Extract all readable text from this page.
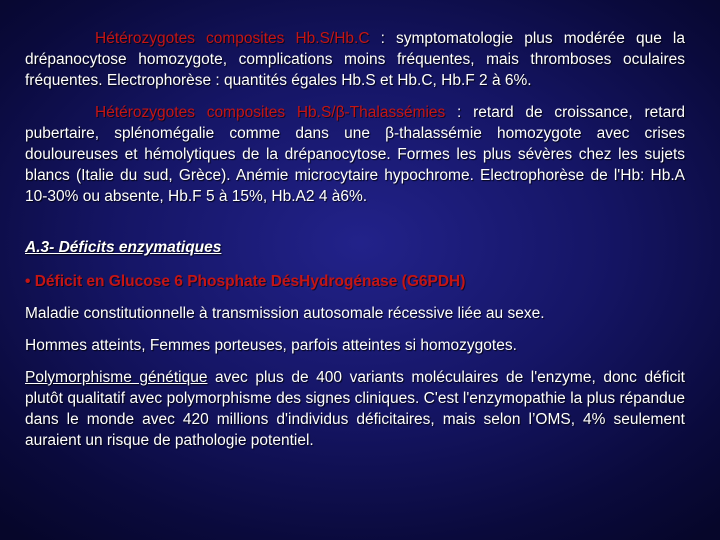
Hétérozygotes composites Hb.S/Hb.C : symptomatologie plus modérée que la drépanocytose homozygote, complications moins fréquentes, mais thromboses oculaires fréquentes. Electrophorèse : quantités égales Hb.S et Hb.C, Hb.F 2 à 6%.

Hétérozygotes composites Hb.S/β-Thalassémies : retard de croissance, retard pubertaire, splénomégalie comme dans une β-thalassémie homozygote avec crises douloureuses et hémolytiques de la drépanocytose. Formes les plus sévères chez les sujets blancs (Italie du sud, Grèce). Anémie microcytaire hypochrome. Electrophorèse de l'Hb: Hb.A 10-30% ou absente, Hb.F 5 à 15%, Hb.A2 4 à6%.

A.3- Déficits enzymatiques

• Déficit en Glucose 6 Phosphate DésHydrogénase (G6PDH)

Maladie constitutionnelle à transmission autosomale récessive liée au sexe.

Hommes atteints, Femmes porteuses, parfois atteintes si homozygotes.

Polymorphisme génétique avec plus de 400 variants moléculaires de l'enzyme, donc déficit plutôt qualitatif avec polymorphisme des signes cliniques. C'est l'enzymopathie la plus répandue dans le monde avec 420 millions d'individus déficitaires, mais selon l’OMS, 4% seulement auraient un risque de pathologie potentiel.
